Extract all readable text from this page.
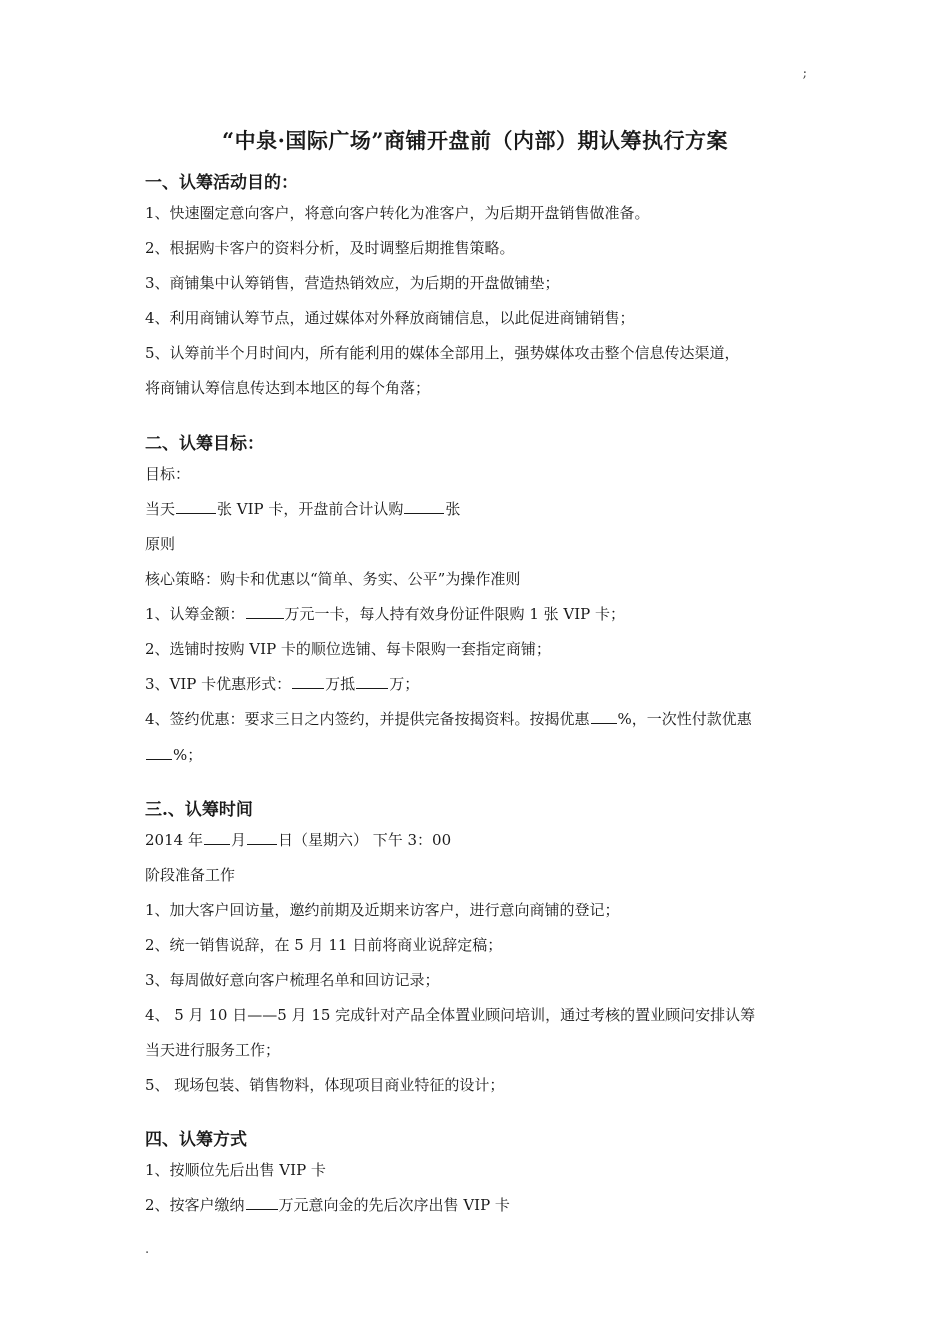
;
“中泉·国际广场”商铺开盘前（内部）期认筹执行方案
一、认筹活动目的：
1、快速圈定意向客户，将意向客户转化为准客户，为后期开盘销售做准备。
2、根据购卡客户的资料分析，及时调整后期推售策略。
3、商铺集中认筹销售，营造热销效应，为后期的开盘做铺垫；
4、利用商铺认筹节点，通过媒体对外释放商铺信息，以此促进商铺销售；
5、认筹前半个月时间内，所有能利用的媒体全部用上，强势媒体攻击整个信息传达渠道，
将商铺认筹信息传达到本地区的每个角落；
二、认筹目标：
目标：
当天	张 VIP 卡，开盘前合计认购	张
原则
核心策略：购卡和优惠以“简单、务实、公平”为操作准则
1、认筹金额：	万元一卡，每人持有效身份证件限购 1 张 VIP 卡；
2、选铺时按购 VIP 卡的顺位选铺、每卡限购一套指定商铺；
3、VIP 卡优惠形式： 万抵 万；
4、签约优惠：要求三日之内签约，并提供完备按揭资料。按揭优惠 %，一次性付款优惠
%；
三.、认筹时间
2014 年 月 日（星期六） 下午 3：00
阶段准备工作
1、加大客户回访量，邀约前期及近期来访客户，进行意向商铺的登记；
2、统一销售说辞，在 5 月 11 日前将商业说辞定稿；
3、每周做好意向客户梳理名单和回访记录；
4、 5 月 10 日——5 月 15 完成针对产品全体置业顾问培训，通过考核的置业顾问安排认筹
当天进行服务工作；
5、 现场包装、销售物料，体现项目商业特征的设计；
四、认筹方式
1、按顺位先后出售 VIP 卡
2、按客户缴纳 万元意向金的先后次序出售 VIP 卡
.
